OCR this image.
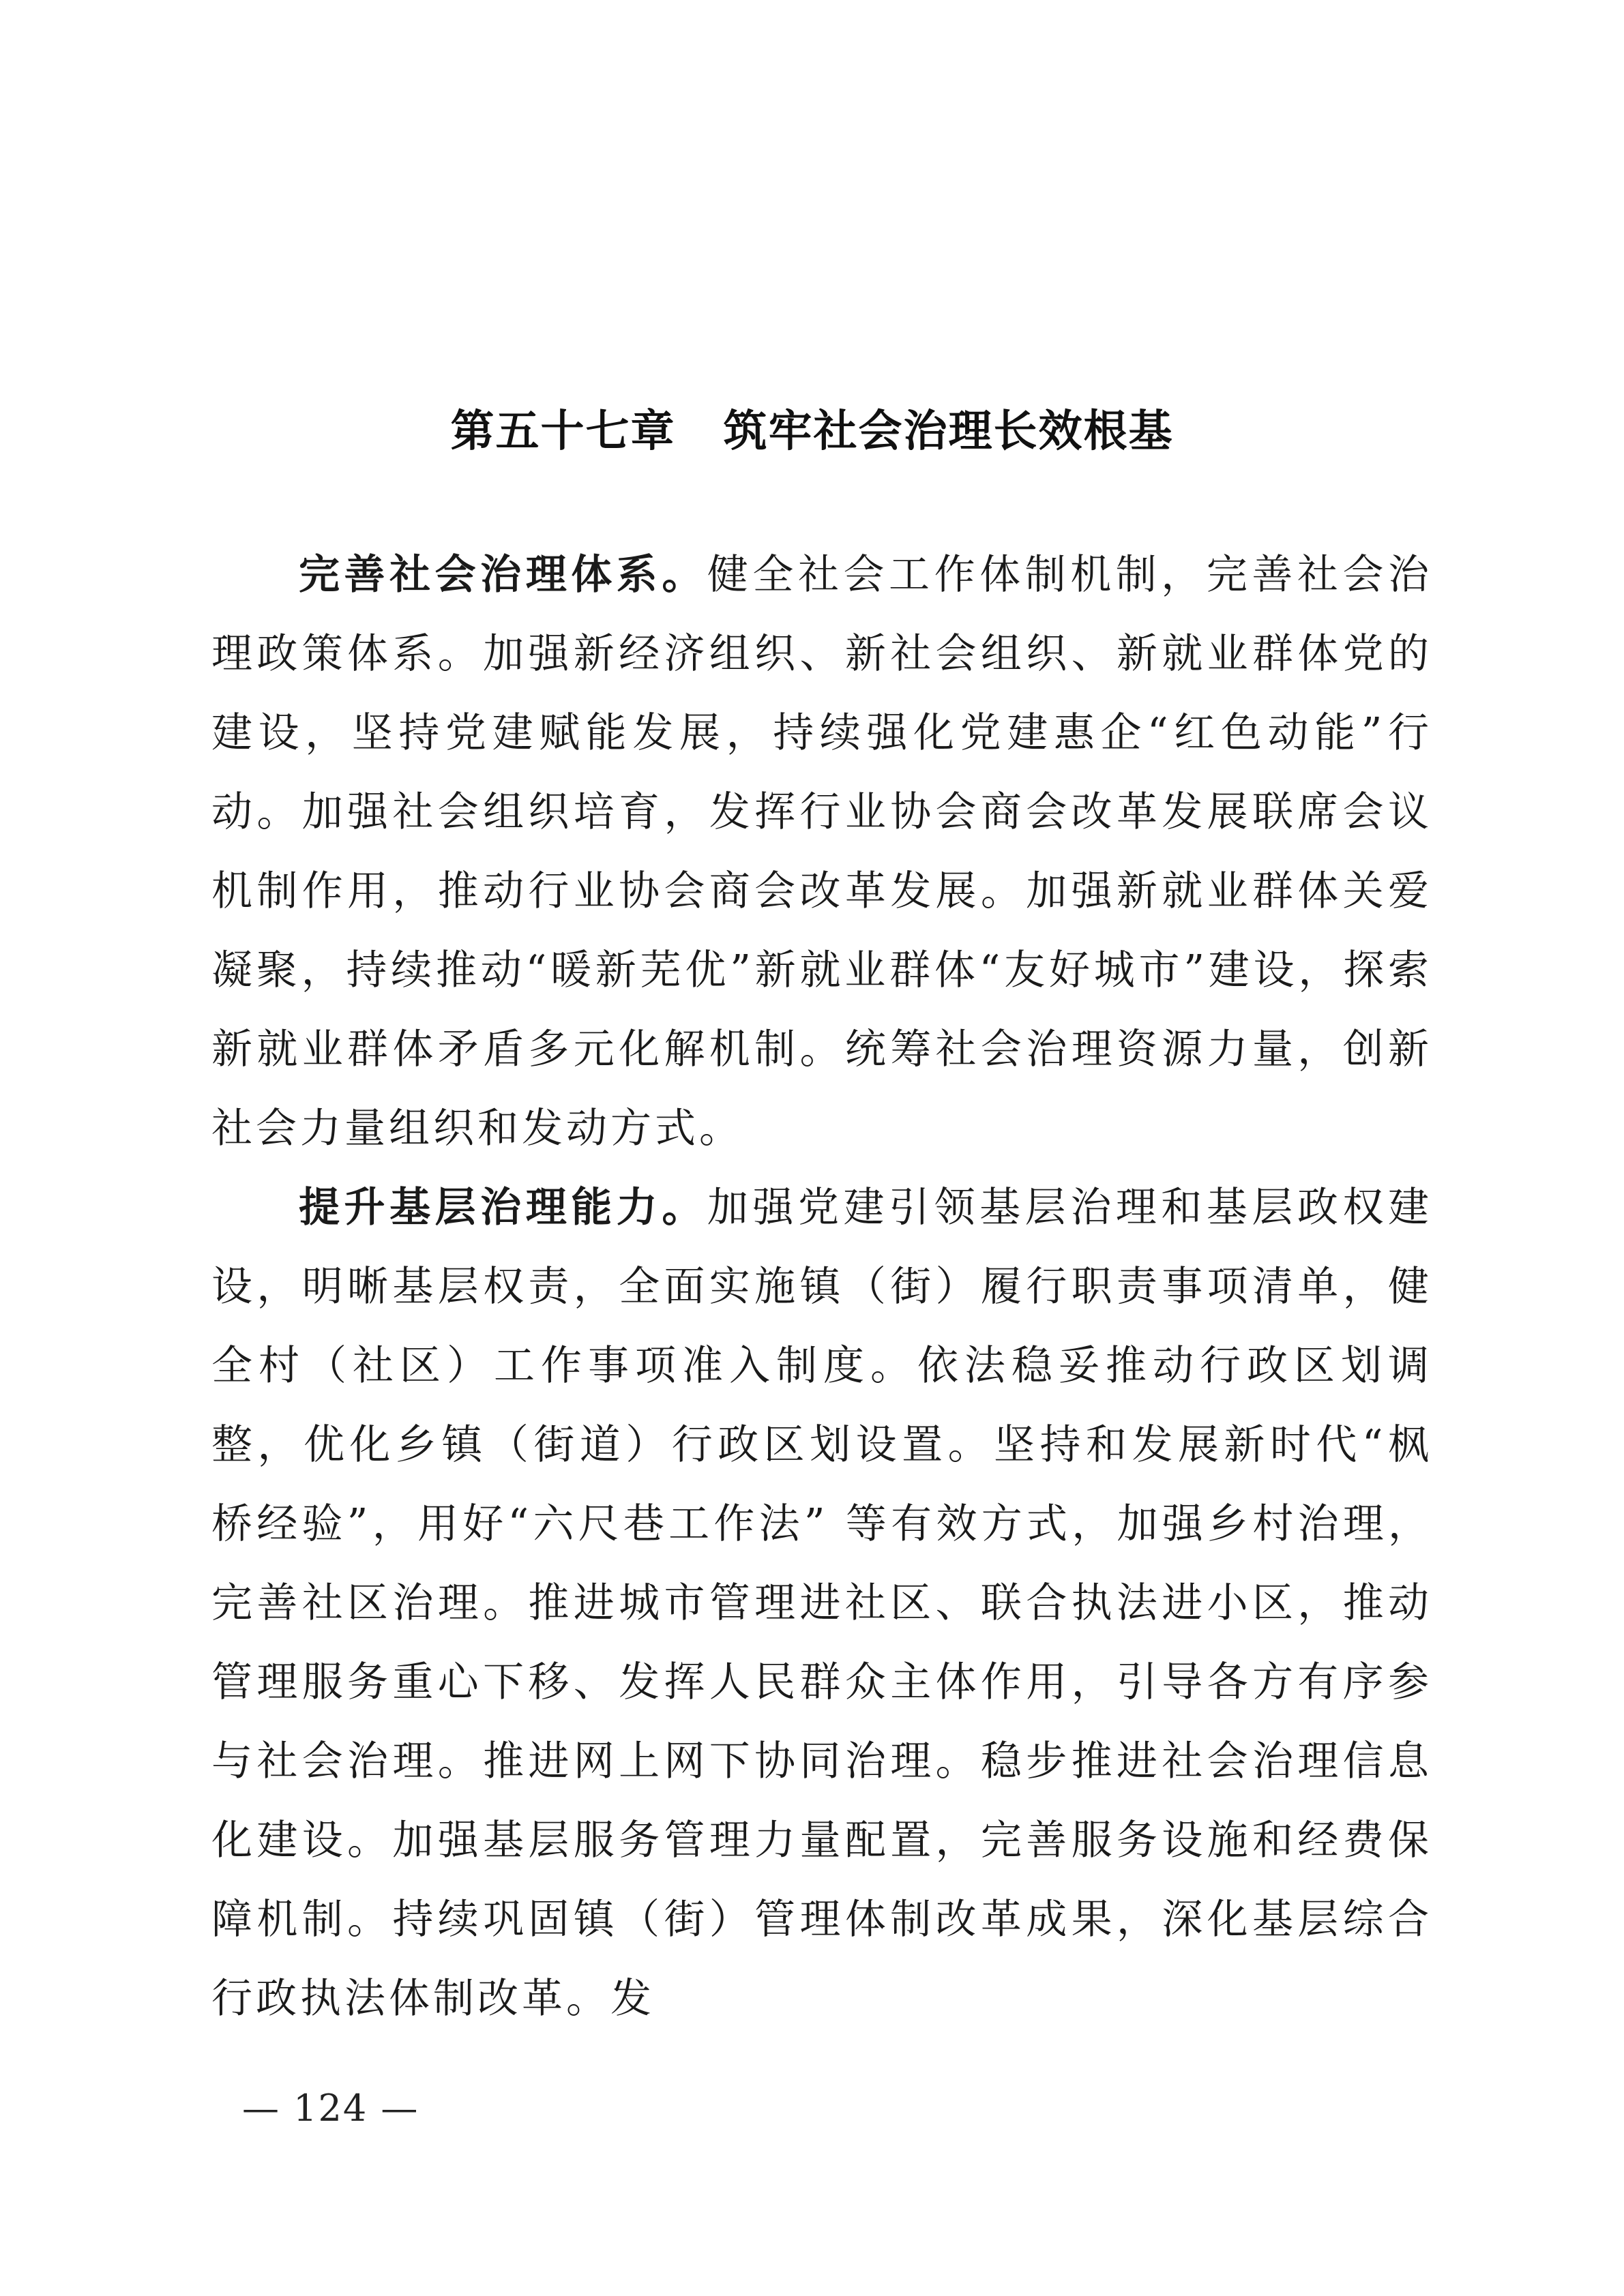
第五十七章 筑牢社会治理长效根基

完善社会治理体系。健全社会工作体制机制，完善社会治理政策体系。加强新经济组织、新社会组织、新就业群体党的建设，坚持党建赋能发展，持续强化党建惠企“红色动能”行动。加强社会组织培育，发挥行业协会商会改革发展联席会议机制作用，推动行业协会商会改革发展。加强新就业群体关爱凝聚，持续推动“暖新芜优”新就业群体“友好城市”建设，探索新就业群体矛盾多元化解机制。统筹社会治理资源力量，创新社会力量组织和发动方式。

提升基层治理能力。加强党建引领基层治理和基层政权建设，明晰基层权责，全面实施镇（街）履行职责事项清单，健全村（社区）工作事项准入制度。依法稳妥推动行政区划调整，优化乡镇（街道）行政区划设置。坚持和发展新时代“枫桥经验”，用好“六尺巷工作法” 等有效方式，加强乡村治理，完善社区治理。推进城市管理进社区、联合执法进小区，推动管理服务重心下移、发挥人民群众主体作用，引导各方有序参与社会治理。推进网上网下协同治理。稳步推进社会治理信息化建设。加强基层服务管理力量配置，完善服务设施和经费保障机制。持续巩固镇（街）管理体制改革成果，深化基层综合行政执法体制改革。发

— 124 —
